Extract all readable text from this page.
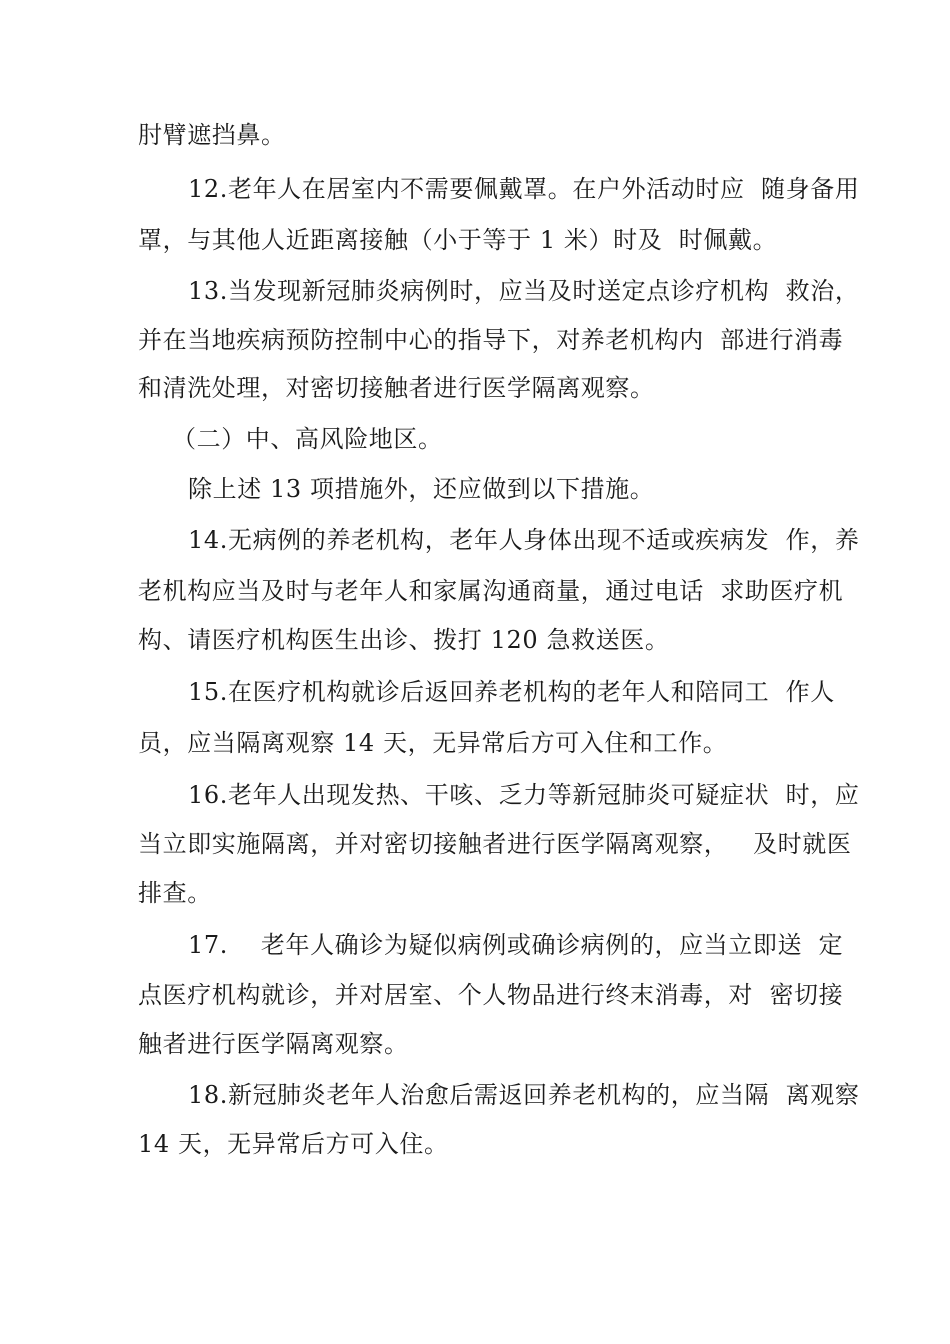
肘臂遮挡鼻。
12.老年人在居室内不需要佩戴罩。在户外活动时应  随身备用
罩，与其他人近距离接触（小于等于 1 米）时及  时佩戴。
13.当发现新冠肺炎病例时，应当及时送定点诊疗机构  救治，
并在当地疾病预防控制中心的指导下，对养老机构内  部进行消毒
和清洗处理，对密切接触者进行医学隔离观察。
（二）中、高风险地区。
除上述 13 项措施外，还应做到以下措施。
14.无病例的养老机构，老年人身体出现不适或疾病发  作，养
老机构应当及时与老年人和家属沟通商量，通过电话  求助医疗机
构、请医疗机构医生出诊、拨打 120 急救送医。
15.在医疗机构就诊后返回养老机构的老年人和陪同工  作人
员，应当隔离观察 14 天，无异常后方可入住和工作。
16.老年人出现发热、干咳、乏力等新冠肺炎可疑症状  时，应
当立即实施隔离，并对密切接触者进行医学隔离观察，   及时就医
排查。
17.    老年人确诊为疑似病例或确诊病例的，应当立即送  定
点医疗机构就诊，并对居室、个人物品进行终末消毒，对  密切接
触者进行医学隔离观察。
18.新冠肺炎老年人治愈后需返回养老机构的，应当隔  离观察
14 天，无异常后方可入住。
